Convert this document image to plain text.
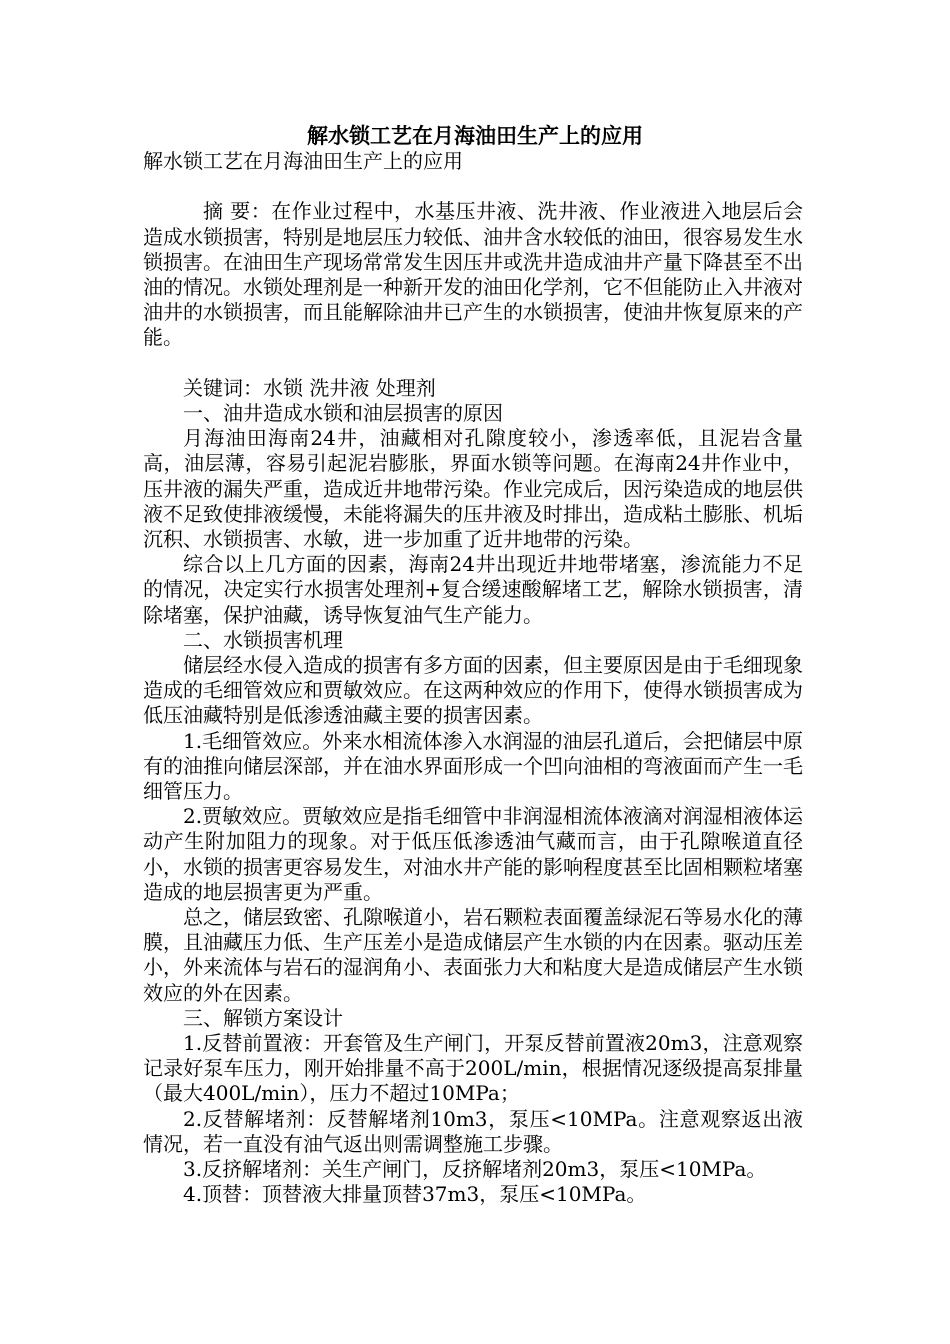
解水锁工艺在月海油田生产上的应用

解水锁工艺在月海油田生产上的应用

摘 要：在作业过程中，水基压井液、洗井液、作业液进入地层后会造成水锁损害，特别是地层压力较低、油井含水较低的油田，很容易发生水锁损害。在油田生产现场常常发生因压井或洗井造成油井产量下降甚至不出油的情况。水锁处理剂是一种新开发的油田化学剂，它不但能防止入井液对油井的水锁损害，而且能解除油井已产生的水锁损害，使油井恢复原来的产能。

关键词：水锁 洗井液 处理剂

一、油井造成水锁和油层损害的原因

月海油田海南24井，油藏相对孔隙度较小，渗透率低，且泥岩含量高，油层薄，容易引起泥岩膨胀，界面水锁等问题。在海南24井作业中，压井液的漏失严重，造成近井地带污染。作业完成后，因污染造成的地层供液不足致使排液缓慢，未能将漏失的压井液及时排出，造成粘土膨胀、机垢沉积、水锁损害、水敏，进一步加重了近井地带的污染。

综合以上几方面的因素，海南24井出现近井地带堵塞，渗流能力不足的情况，决定实行水损害处理剂+复合缓速酸解堵工艺，解除水锁损害，清除堵塞，保护油藏，诱导恢复油气生产能力。

二、水锁损害机理

储层经水侵入造成的损害有多方面的因素，但主要原因是由于毛细现象造成的毛细管效应和贾敏效应。在这两种效应的作用下，使得水锁损害成为低压油藏特别是低渗透油藏主要的损害因素。

1.毛细管效应。外来水相流体渗入水润湿的油层孔道后，会把储层中原有的油推向储层深部，并在油水界面形成一个凹向油相的弯液面而产生一毛细管压力。

2.贾敏效应。贾敏效应是指毛细管中非润湿相流体液滴对润湿相液体运动产生附加阻力的现象。对于低压低渗透油气藏而言，由于孔隙喉道直径小，水锁的损害更容易发生，对油水井产能的影响程度甚至比固相颗粒堵塞造成的地层损害更为严重。

总之，储层致密、孔隙喉道小，岩石颗粒表面覆盖绿泥石等易水化的薄膜，且油藏压力低、生产压差小是造成储层产生水锁的内在因素。驱动压差小，外来流体与岩石的湿润角小、表面张力大和粘度大是造成储层产生水锁效应的外在因素。

三、解锁方案设计

1.反替前置液：开套管及生产闸门，开泵反替前置液20m3，注意观察记录好泵车压力，刚开始排量不高于200L/min，根据情况逐级提高泵排量（最大400L/min），压力不超过10MPa；

2.反替解堵剂：反替解堵剂10m3，泵压<10MPa。注意观察返出液情况，若一直没有油气返出则需调整施工步骤。

3.反挤解堵剂：关生产闸门，反挤解堵剂20m3，泵压<10MPa。

4.顶替：顶替液大排量顶替37m3，泵压<10MPa。
